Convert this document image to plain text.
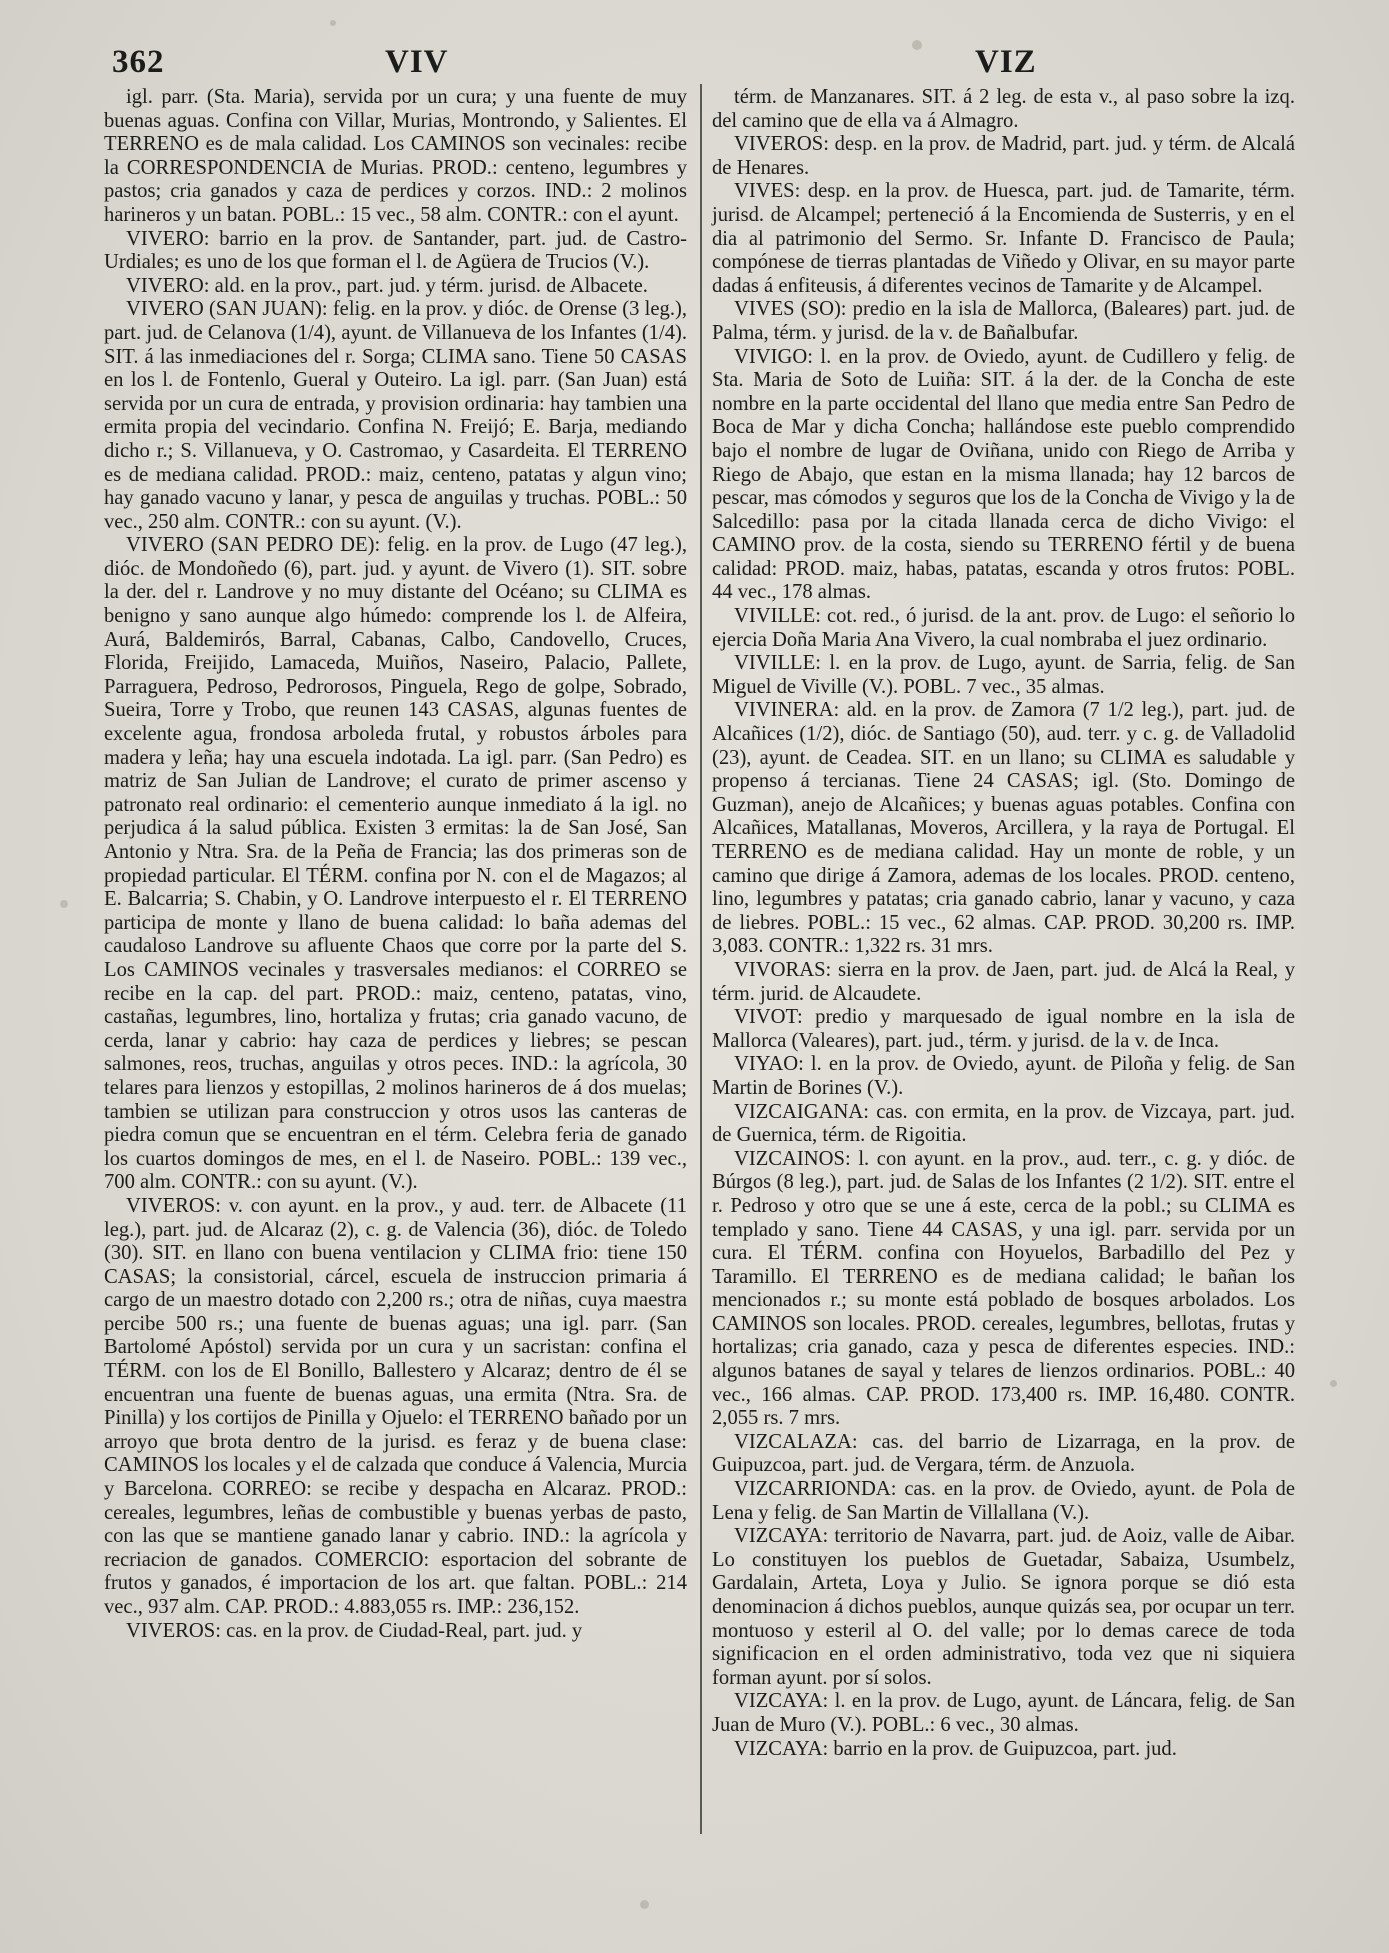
362	VIV	VIZ

igl. parr. (Sta. Maria), servida por un cura; y una fuente de muy buenas aguas. Confina con Villar, Murias, Montrondo, y Salientes. El TERRENO es de mala calidad. Los CAMINOS son vecinales: recibe la CORRESPONDENCIA de Murias. PROD.: centeno, legumbres y pastos; cria ganados y caza de perdices y corzos. IND.: 2 molinos harineros y un batan. POBL.: 15 vec., 58 alm. CONTR.: con el ayunt.

VIVERO: barrio en la prov. de Santander, part. jud. de Castro-Urdiales; es uno de los que forman el l. de Agüera de Trucios (V.).

VIVERO: ald. en la prov., part. jud. y térm. jurisd. de Albacete.

VIVERO (SAN JUAN): felig. en la prov. y dióc. de Orense (3 leg.), part. jud. de Celanova (1/4), ayunt. de Villanueva de los Infantes (1/4). SIT. á las inmediaciones del r. Sorga; CLIMA sano. Tiene 50 CASAS en los l. de Fontenlo, Gueral y Outeiro. La igl. parr. (San Juan) está servida por un cura de entrada, y provision ordinaria: hay tambien una ermita propia del vecindario. Confina N. Freijó; E. Barja, mediando dicho r.; S. Villanueva, y O. Castromao, y Casardeita. El TERRENO es de mediana calidad. PROD.: maiz, centeno, patatas y algun vino; hay ganado vacuno y lanar, y pesca de anguilas y truchas. POBL.: 50 vec., 250 alm. CONTR.: con su ayunt. (V.).

VIVERO (SAN PEDRO DE): felig. en la prov. de Lugo (47 leg.), dióc. de Mondoñedo (6), part. jud. y ayunt. de Vivero (1). SIT. sobre la der. del r. Landrove y no muy distante del Océano; su CLIMA es benigno y sano aunque algo húmedo: comprende los l. de Alfeira, Aurá, Baldemirós, Barral, Cabanas, Calbo, Candovello, Cruces, Florida, Freijido, Lamaceda, Muiños, Naseiro, Palacio, Pallete, Parraguera, Pedroso, Pedrorosos, Pinguela, Rego de golpe, Sobrado, Sueira, Torre y Trobo, que reunen 143 CASAS, algunas fuentes de excelente agua, frondosa arboleda frutal, y robustos árboles para madera y leña; hay una escuela indotada. La igl. parr. (San Pedro) es matriz de San Julian de Landrove; el curato de primer ascenso y patronato real ordinario: el cementerio aunque inmediato á la igl. no perjudica á la salud pública. Existen 3 ermitas: la de San José, San Antonio y Ntra. Sra. de la Peña de Francia; las dos primeras son de propiedad particular. El TÉRM. confina por N. con el de Magazos; al E. Balcarria; S. Chabin, y O. Landrove interpuesto el r. El TERRENO participa de monte y llano de buena calidad: lo baña ademas del caudaloso Landrove su afluente Chaos que corre por la parte del S. Los CAMINOS vecinales y trasversales medianos: el CORREO se recibe en la cap. del part. PROD.: maiz, centeno, patatas, vino, castañas, legumbres, lino, hortaliza y frutas; cria ganado vacuno, de cerda, lanar y cabrio: hay caza de perdices y liebres; se pescan salmones, reos, truchas, anguilas y otros peces. IND.: la agrícola, 30 telares para lienzos y estopillas, 2 molinos harineros de á dos muelas; tambien se utilizan para construccion y otros usos las canteras de piedra comun que se encuentran en el térm. Celebra feria de ganado los cuartos domingos de mes, en el l. de Naseiro. POBL.: 139 vec., 700 alm. CONTR.: con su ayunt. (V.).

VIVEROS: v. con ayunt. en la prov., y aud. terr. de Albacete (11 leg.), part. jud. de Alcaraz (2), c. g. de Valencia (36), dióc. de Toledo (30). SIT. en llano con buena ventilacion y CLIMA frio: tiene 150 CASAS; la consistorial, cárcel, escuela de instruccion primaria á cargo de un maestro dotado con 2,200 rs.; otra de niñas, cuya maestra percibe 500 rs.; una fuente de buenas aguas; una igl. parr. (San Bartolomé Apóstol) servida por un cura y un sacristan: confina el TÉRM. con los de El Bonillo, Ballestero y Alcaraz; dentro de él se encuentran una fuente de buenas aguas, una ermita (Ntra. Sra. de Pinilla) y los cortijos de Pinilla y Ojuelo: el TERRENO bañado por un arroyo que brota dentro de la jurisd. es feraz y de buena clase: CAMINOS los locales y el de calzada que conduce á Valencia, Murcia y Barcelona. CORREO: se recibe y despacha en Alcaraz. PROD.: cereales, legumbres, leñas de combustible y buenas yerbas de pasto, con las que se mantiene ganado lanar y cabrio. IND.: la agrícola y recriacion de ganados. COMERCIO: esportacion del sobrante de frutos y ganados, é importacion de los art. que faltan. POBL.: 214 vec., 937 alm. CAP. PROD.: 4.883,055 rs. IMP.: 236,152.

VIVEROS: cas. en la prov. de Ciudad-Real, part. jud. y

térm. de Manzanares. SIT. á 2 leg. de esta v., al paso sobre la izq. del camino que de ella va á Almagro.

VIVEROS: desp. en la prov. de Madrid, part. jud. y térm. de Alcalá de Henares.

VIVES: desp. en la prov. de Huesca, part. jud. de Tamarite, térm. jurisd. de Alcampel; perteneció á la Encomienda de Susterris, y en el dia al patrimonio del Sermo. Sr. Infante D. Francisco de Paula; compónese de tierras plantadas de Viñedo y Olivar, en su mayor parte dadas á enfiteusis, á diferentes vecinos de Tamarite y de Alcampel.

VIVES (SO): predio en la isla de Mallorca, (Baleares) part. jud. de Palma, térm. y jurisd. de la v. de Bañalbufar.

VIVIGO: l. en la prov. de Oviedo, ayunt. de Cudillero y felig. de Sta. Maria de Soto de Luiña: SIT. á la der. de la Concha de este nombre en la parte occidental del llano que media entre San Pedro de Boca de Mar y dicha Concha; hallándose este pueblo comprendido bajo el nombre de lugar de Oviñana, unido con Riego de Arriba y Riego de Abajo, que estan en la misma llanada; hay 12 barcos de pescar, mas cómodos y seguros que los de la Concha de Vivigo y la de Salcedillo: pasa por la citada llanada cerca de dicho Vivigo: el CAMINO prov. de la costa, siendo su TERRENO fértil y de buena calidad: PROD. maiz, habas, patatas, escanda y otros frutos: POBL. 44 vec., 178 almas.

VIVILLE: cot. red., ó jurisd. de la ant. prov. de Lugo: el señorio lo ejercia Doña Maria Ana Vivero, la cual nombraba el juez ordinario.

VIVILLE: l. en la prov. de Lugo, ayunt. de Sarria, felig. de San Miguel de Viville (V.). POBL. 7 vec., 35 almas.

VIVINERA: ald. en la prov. de Zamora (7 1/2 leg.), part. jud. de Alcañices (1/2), dióc. de Santiago (50), aud. terr. y c. g. de Valladolid (23), ayunt. de Ceadea. SIT. en un llano; su CLIMA es saludable y propenso á tercianas. Tiene 24 CASAS; igl. (Sto. Domingo de Guzman), anejo de Alcañices; y buenas aguas potables. Confina con Alcañices, Matallanas, Moveros, Arcillera, y la raya de Portugal. El TERRENO es de mediana calidad. Hay un monte de roble, y un camino que dirige á Zamora, ademas de los locales. PROD. centeno, lino, legumbres y patatas; cria ganado cabrio, lanar y vacuno, y caza de liebres. POBL.: 15 vec., 62 almas. CAP. PROD. 30,200 rs. IMP. 3,083. CONTR.: 1,322 rs. 31 mrs.

VIVORAS: sierra en la prov. de Jaen, part. jud. de Alcá la Real, y térm. jurid. de Alcaudete.

VIVOT: predio y marquesado de igual nombre en la isla de Mallorca (Valeares), part. jud., térm. y jurisd. de la v. de Inca.

VIYAO: l. en la prov. de Oviedo, ayunt. de Piloña y felig. de San Martin de Borines (V.).

VIZCAIGANA: cas. con ermita, en la prov. de Vizcaya, part. jud. de Guernica, térm. de Rigoitia.

VIZCAINOS: l. con ayunt. en la prov., aud. terr., c. g. y dióc. de Búrgos (8 leg.), part. jud. de Salas de los Infantes (2 1/2). SIT. entre el r. Pedroso y otro que se une á este, cerca de la pobl.; su CLIMA es templado y sano. Tiene 44 CASAS, y una igl. parr. servida por un cura. El TÉRM. confina con Hoyuelos, Barbadillo del Pez y Taramillo. El TERRENO es de mediana calidad; le bañan los mencionados r.; su monte está poblado de bosques arbolados. Los CAMINOS son locales. PROD. cereales, legumbres, bellotas, frutas y hortalizas; cria ganado, caza y pesca de diferentes especies. IND.: algunos batanes de sayal y telares de lienzos ordinarios. POBL.: 40 vec., 166 almas. CAP. PROD. 173,400 rs. IMP. 16,480. CONTR. 2,055 rs. 7 mrs.

VIZCALAZA: cas. del barrio de Lizarraga, en la prov. de Guipuzcoa, part. jud. de Vergara, térm. de Anzuola.

VIZCARRIONDA: cas. en la prov. de Oviedo, ayunt. de Pola de Lena y felig. de San Martin de Villallana (V.).

VIZCAYA: territorio de Navarra, part. jud. de Aoiz, valle de Aibar. Lo constituyen los pueblos de Guetadar, Sabaiza, Usumbelz, Gardalain, Arteta, Loya y Julio. Se ignora porque se dió esta denominacion á dichos pueblos, aunque quizás sea, por ocupar un terr. montuoso y esteril al O. del valle; por lo demas carece de toda significacion en el orden administrativo, toda vez que ni siquiera forman ayunt. por sí solos.

VIZCAYA: l. en la prov. de Lugo, ayunt. de Láncara, felig. de San Juan de Muro (V.). POBL.: 6 vec., 30 almas.

VIZCAYA: barrio en la prov. de Guipuzcoa, part. jud.
